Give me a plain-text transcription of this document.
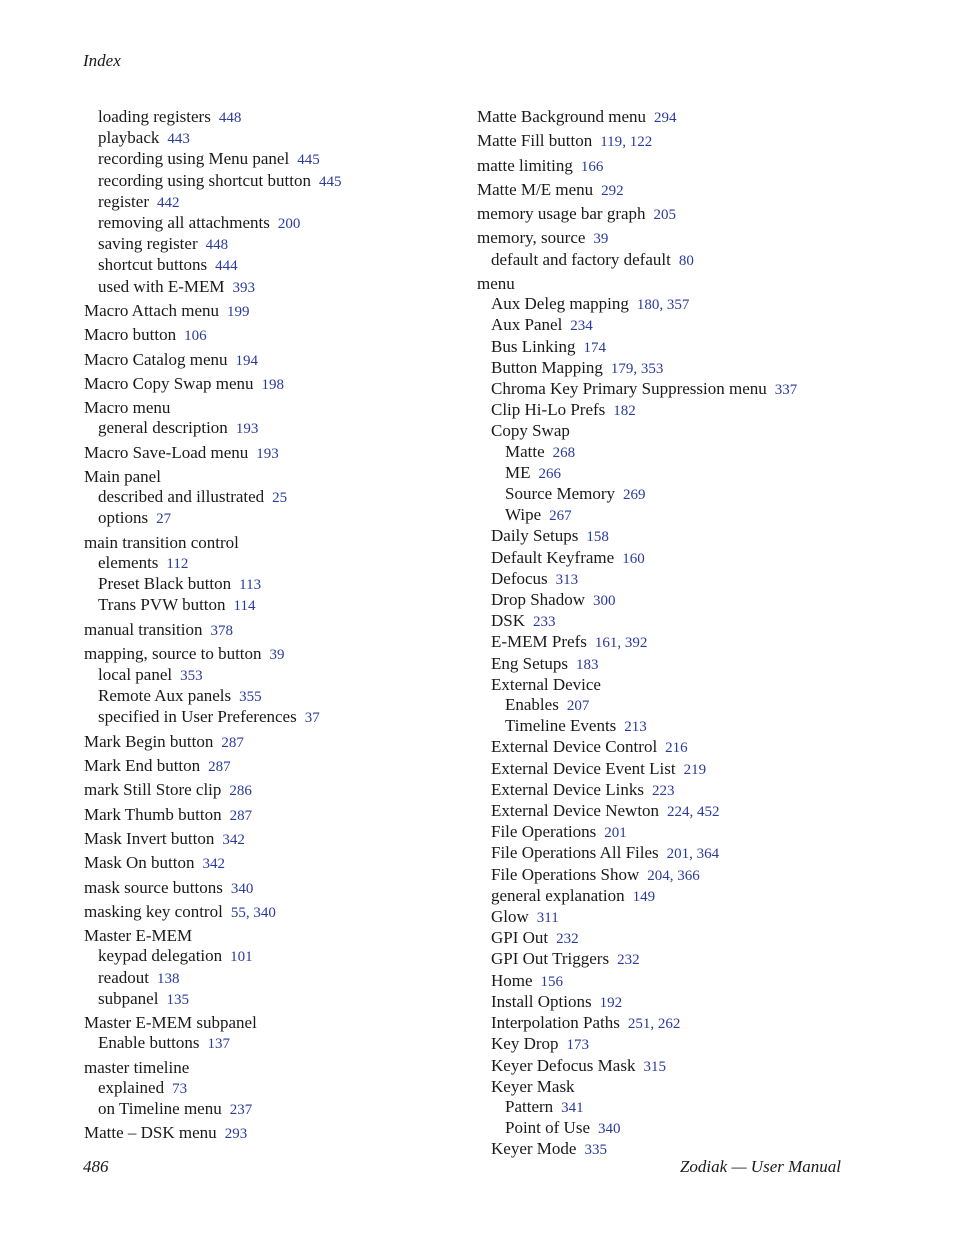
Index
loading registers 448
playback 443
recording using Menu panel 445
recording using shortcut button 445
register 442
removing all attachments 200
saving register 448
shortcut buttons 444
used with E-MEM 393
Macro Attach menu 199
Macro button 106
Macro Catalog menu 194
Macro Copy Swap menu 198
Macro menu
general description 193
Macro Save-Load menu 193
Main panel
described and illustrated 25
options 27
main transition control
elements 112
Preset Black button 113
Trans PVW button 114
manual transition 378
mapping, source to button 39
local panel 353
Remote Aux panels 355
specified in User Preferences 37
Mark Begin button 287
Mark End button 287
mark Still Store clip 286
Mark Thumb button 287
Mask Invert button 342
Mask On button 342
mask source buttons 340
masking key control 55, 340
Master E-MEM
keypad delegation 101
readout 138
subpanel 135
Master E-MEM subpanel
Enable buttons 137
master timeline
explained 73
on Timeline menu 237
Matte – DSK menu 293
Matte Background menu 294
Matte Fill button 119, 122
matte limiting 166
Matte M/E menu 292
memory usage bar graph 205
memory, source 39
default and factory default 80
menu
Aux Deleg mapping 180, 357
Aux Panel 234
Bus Linking 174
Button Mapping 179, 353
Chroma Key Primary Suppression menu 337
Clip Hi-Lo Prefs 182
Copy Swap
Matte 268
ME 266
Source Memory 269
Wipe 267
Daily Setups 158
Default Keyframe 160
Defocus 313
Drop Shadow 300
DSK 233
E-MEM Prefs 161, 392
Eng Setups 183
External Device
Enables 207
Timeline Events 213
External Device Control 216
External Device Event List 219
External Device Links 223
External Device Newton 224, 452
File Operations 201
File Operations All Files 201, 364
File Operations Show 204, 366
general explanation 149
Glow 311
GPI Out 232
GPI Out Triggers 232
Home 156
Install Options 192
Interpolation Paths 251, 262
Key Drop 173
Keyer Defocus Mask 315
Keyer Mask
Pattern 341
Point of Use 340
Keyer Mode 335
486	Zodiak — User Manual
